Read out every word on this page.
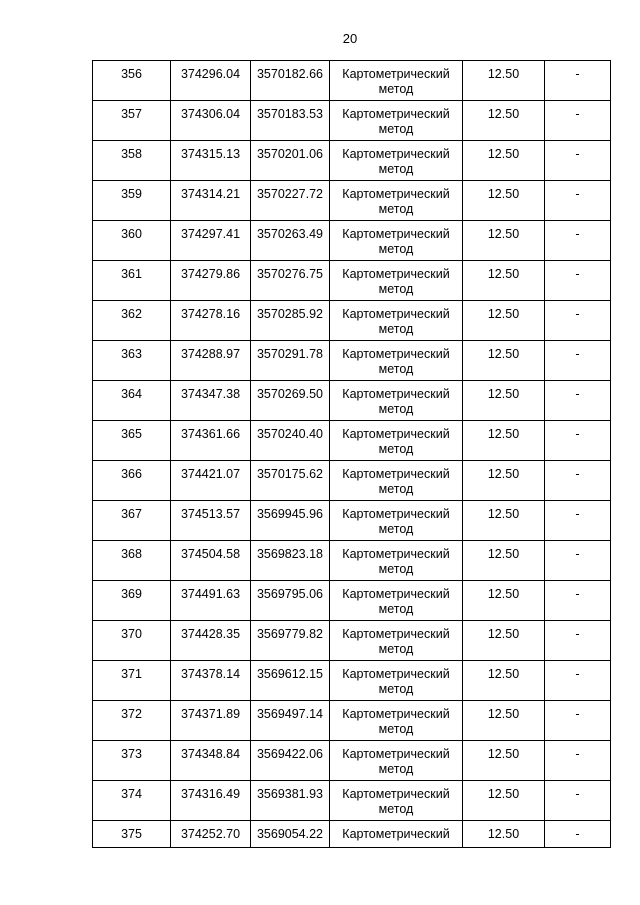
20
356	374296.04	3570182.66	Картометрический метод	12.50	-
357	374306.04	3570183.53	Картометрический метод	12.50	-
358	374315.13	3570201.06	Картометрический метод	12.50	-
359	374314.21	3570227.72	Картометрический метод	12.50	-
360	374297.41	3570263.49	Картометрический метод	12.50	-
361	374279.86	3570276.75	Картометрический метод	12.50	-
362	374278.16	3570285.92	Картометрический метод	12.50	-
363	374288.97	3570291.78	Картометрический метод	12.50	-
364	374347.38	3570269.50	Картометрический метод	12.50	-
365	374361.66	3570240.40	Картометрический метод	12.50	-
366	374421.07	3570175.62	Картометрический метод	12.50	-
367	374513.57	3569945.96	Картометрический метод	12.50	-
368	374504.58	3569823.18	Картометрический метод	12.50	-
369	374491.63	3569795.06	Картометрический метод	12.50	-
370	374428.35	3569779.82	Картометрический метод	12.50	-
371	374378.14	3569612.15	Картометрический метод	12.50	-
372	374371.89	3569497.14	Картометрический метод	12.50	-
373	374348.84	3569422.06	Картометрический метод	12.50	-
374	374316.49	3569381.93	Картометрический метод	12.50	-
375	374252.70	3569054.22	Картометрический	12.50	-
